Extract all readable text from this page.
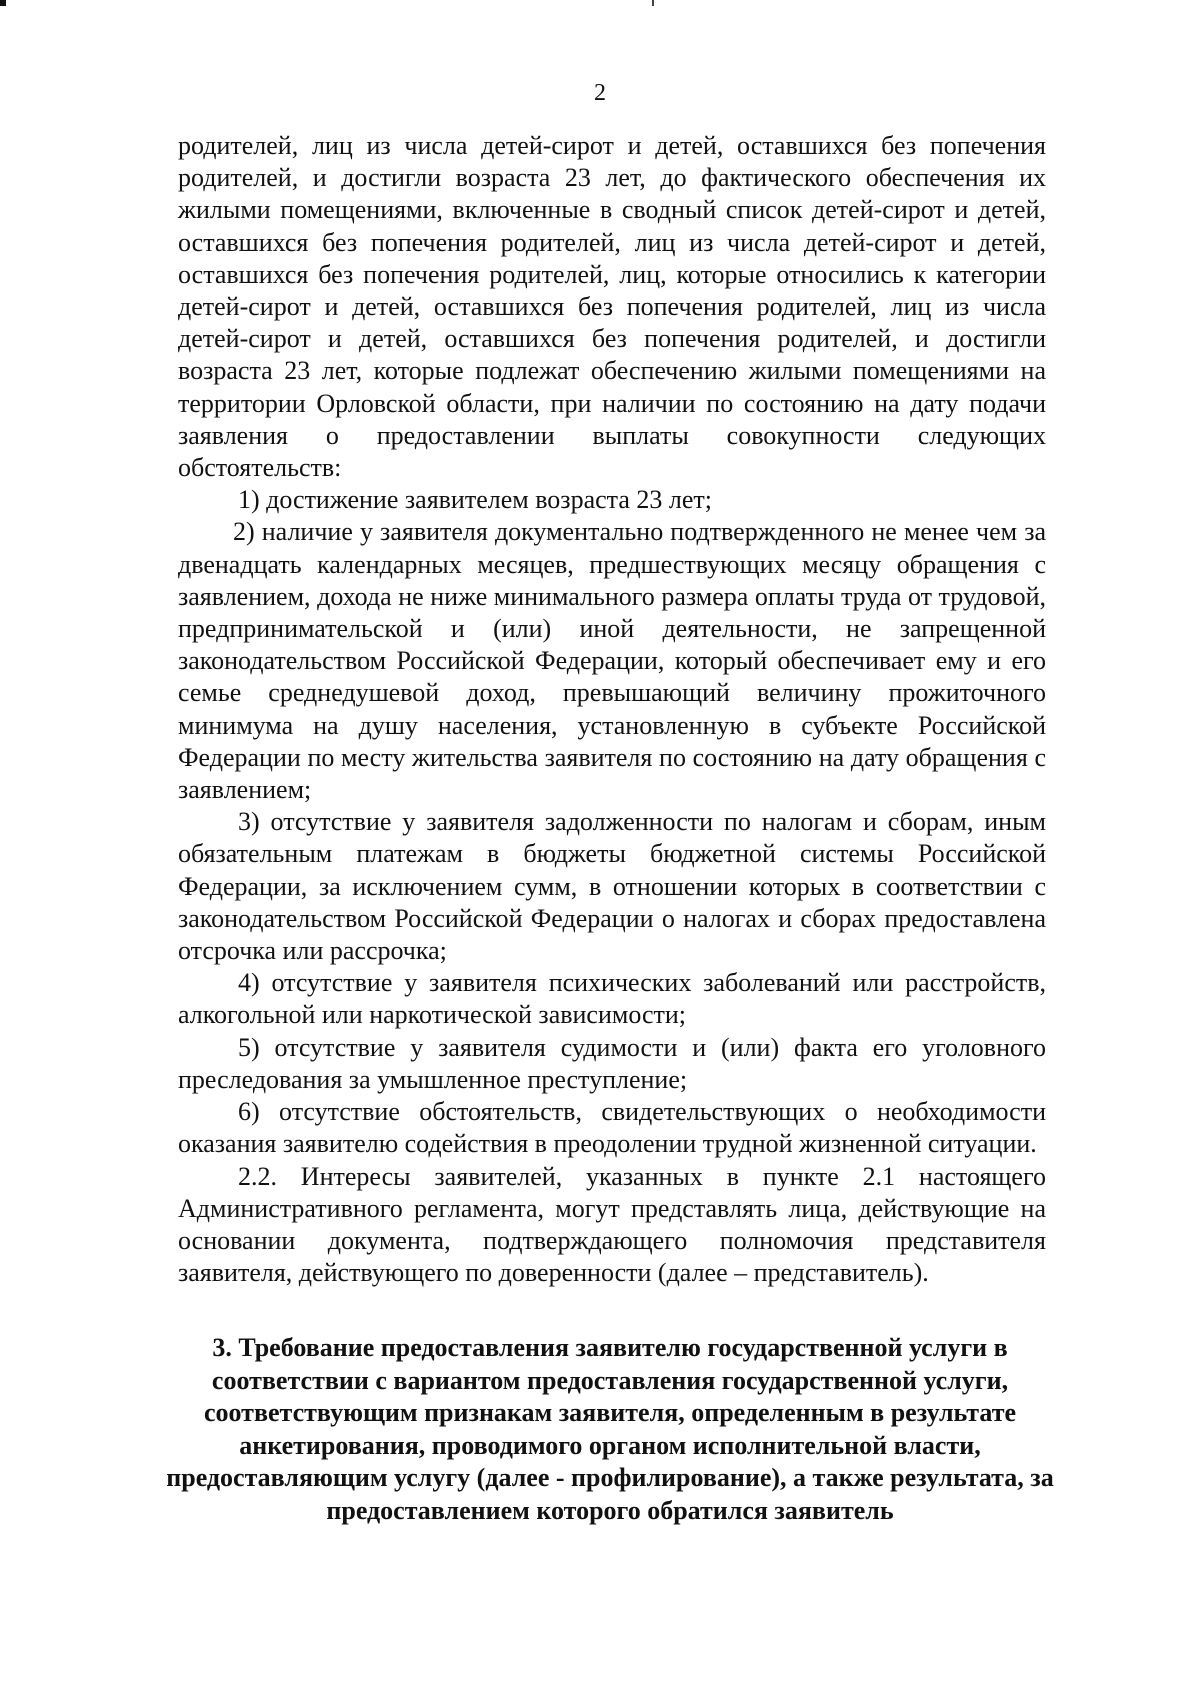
2

родителей, лиц из числа детей-сирот и детей, оставшихся без попечения родителей, и достигли возраста 23 лет, до фактического обеспечения их жилыми помещениями, включенные в сводный список детей-сирот и детей, оставшихся без попечения родителей, лиц из числа детей-сирот и детей, оставшихся без попечения родителей, лиц, которые относились к категории детей-сирот и детей, оставшихся без попечения родителей, лиц из числа детей-сирот и детей, оставшихся без попечения родителей, и достигли возраста 23 лет, которые подлежат обеспечению жилыми помещениями на территории Орловской области, при наличии по состоянию на дату подачи заявления о предоставлении выплаты совокупности следующих обстоятельств:

1) достижение заявителем возраста 23 лет;

2) наличие у заявителя документально подтвержденного не менее чем за двенадцать календарных месяцев, предшествующих месяцу обращения с заявлением, дохода не ниже минимального размера оплаты труда от трудовой, предпринимательской и (или) иной деятельности, не запрещенной законодательством Российской Федерации, который обеспечивает ему и его семье среднедушевой доход, превышающий величину прожиточного минимума на душу населения, установленную в субъекте Российской Федерации по месту жительства заявителя по состоянию на дату обращения с заявлением;

3) отсутствие у заявителя задолженности по налогам и сборам, иным обязательным платежам в бюджеты бюджетной системы Российской Федерации, за исключением сумм, в отношении которых в соответствии с законодательством Российской Федерации о налогах и сборах предоставлена отсрочка или рассрочка;

4) отсутствие у заявителя психических заболеваний или расстройств, алкогольной или наркотической зависимости;

5) отсутствие у заявителя судимости и (или) факта его уголовного преследования за умышленное преступление;

6) отсутствие обстоятельств, свидетельствующих о необходимости оказания заявителю содействия в преодолении трудной жизненной ситуации.

2.2. Интересы заявителей, указанных в пункте 2.1 настоящего Административного регламента, могут представлять лица, действующие на основании документа, подтверждающего полномочия представителя заявителя, действующего по доверенности (далее – представитель).

3. Требование предоставления заявителю государственной услуги в соответствии с вариантом предоставления государственной услуги, соответствующим признакам заявителя, определенным в результате анкетирования, проводимого органом исполнительной власти, предоставляющим услугу (далее - профилирование), а также результата, за предоставлением которого обратился заявитель
